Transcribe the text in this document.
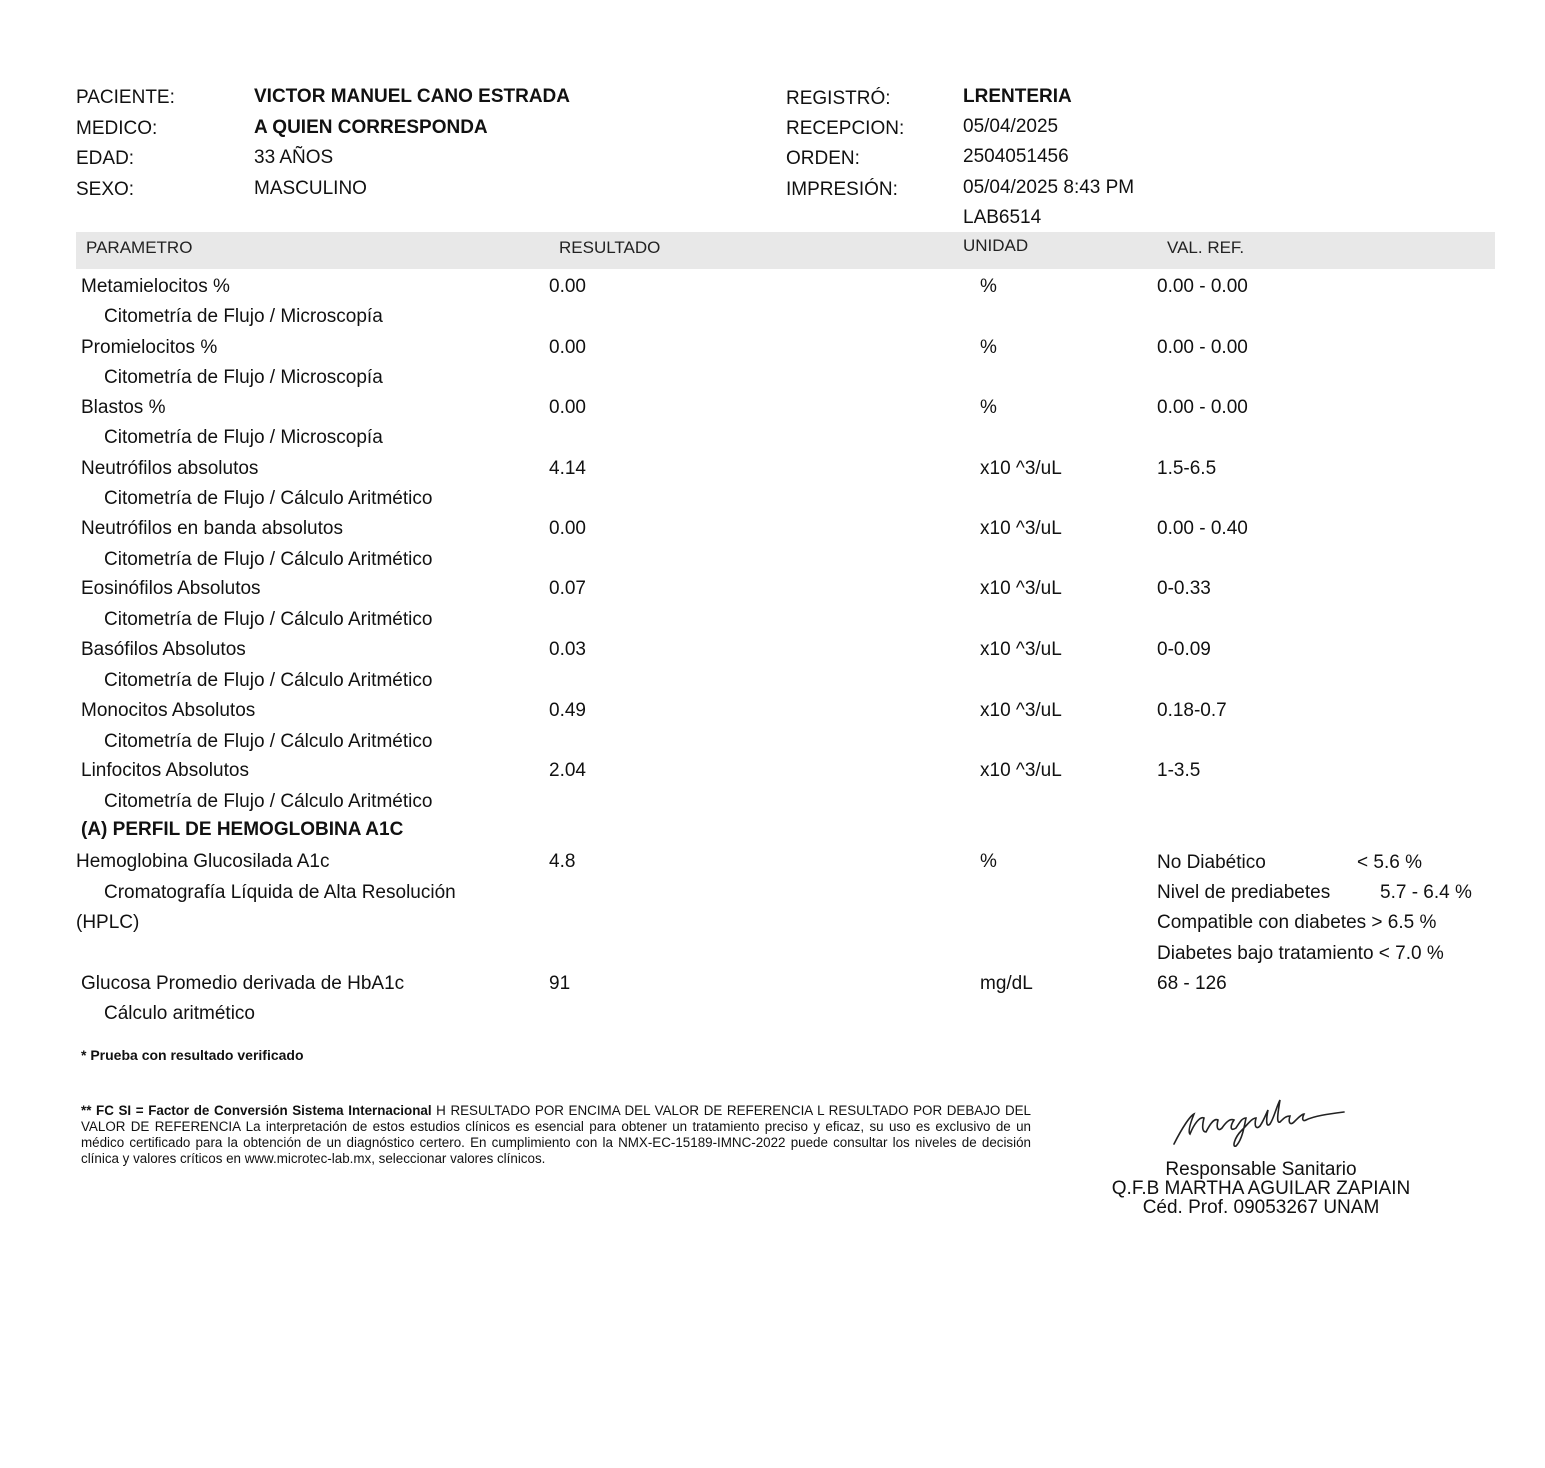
PACIENTE:	VICTOR MANUEL CANO ESTRADA
MEDICO:	A QUIEN CORRESPONDA
EDAD:	33 AÑOS
SEXO:	MASCULINO
REGISTRÓ:	LRENTERIA
RECEPCION:	05/04/2025
ORDEN:	2504051456
IMPRESIÓN:	05/04/2025 8:43 PM
LAB6514
PARAMETRO	RESULTADO	UNIDAD	VAL. REF.
Metamielocitos %	0.00	%	0.00 - 0.00
Citometría de Flujo / Microscopía
Promielocitos %	0.00	%	0.00 - 0.00
Citometría de Flujo / Microscopía
Blastos %	0.00	%	0.00 - 0.00
Citometría de Flujo / Microscopía
Neutrófilos absolutos	4.14	x10 ^3/uL	1.5-6.5
Citometría de Flujo / Cálculo Aritmético
Neutrófilos en banda absolutos	0.00	x10 ^3/uL	0.00 - 0.40
Citometría de Flujo / Cálculo Aritmético
Eosinófilos Absolutos	0.07	x10 ^3/uL	0-0.33
Citometría de Flujo / Cálculo Aritmético
Basófilos Absolutos	0.03	x10 ^3/uL	0-0.09
Citometría de Flujo / Cálculo Aritmético
Monocitos Absolutos	0.49	x10 ^3/uL	0.18-0.7
Citometría de Flujo / Cálculo Aritmético
Linfocitos Absolutos	2.04	x10 ^3/uL	1-3.5
Citometría de Flujo / Cálculo Aritmético
(A) PERFIL DE HEMOGLOBINA A1C
Hemoglobina Glucosilada A1c	4.8	%
Cromatografía Líquida de Alta Resolución
(HPLC)
No Diabético	< 5.6 %
Nivel de prediabetes	5.7 - 6.4 %
Compatible con diabetes > 6.5 %
Diabetes bajo tratamiento < 7.0 %
Glucosa Promedio derivada de HbA1c	91	mg/dL	68 - 126
Cálculo aritmético
* Prueba con resultado verificado
** FC SI = Factor de Conversión Sistema Internacional H RESULTADO POR ENCIMA DEL VALOR DE REFERENCIA L RESULTADO POR DEBAJO DEL VALOR DE REFERENCIA La interpretación de estos estudios clínicos es esencial para obtener un tratamiento preciso y eficaz, su uso es exclusivo de un médico certificado para la obtención de un diagnóstico certero. En cumplimiento con la NMX-EC-15189-IMNC-2022 puede consultar los niveles de decisión clínica y valores críticos en www.microtec-lab.mx, seleccionar valores clínicos.
Responsable Sanitario
Q.F.B MARTHA AGUILAR ZAPIAIN
Céd. Prof. 09053267 UNAM
